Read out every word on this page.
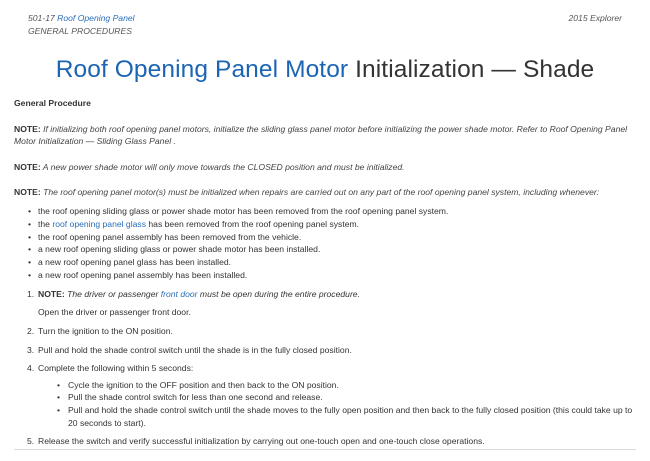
501-17 Roof Opening Panel
GENERAL PROCEDURES
2015 Explorer
Roof Opening Panel Motor Initialization — Shade
General Procedure

NOTE: If initializing both roof opening panel motors, initialize the sliding glass panel motor before initializing the power shade motor. Refer to Roof Opening Panel Motor Initialization — Sliding Glass Panel .

NOTE: A new power shade motor will only move towards the CLOSED position and must be initialized.

NOTE: The roof opening panel motor(s) must be initialized when repairs are carried out on any part of the roof opening panel system, including whenever:

• the roof opening sliding glass or power shade motor has been removed from the roof opening panel system.
• the roof opening panel glass has been removed from the roof opening panel system.
• the roof opening panel assembly has been removed from the vehicle.
• a new roof opening sliding glass or power shade motor has been installed.
• a new roof opening panel glass has been installed.
• a new roof opening panel assembly has been installed.
1. NOTE: The driver or passenger front door must be open during the entire procedure.
Open the driver or passenger front door.
2. Turn the ignition to the ON position.
3. Pull and hold the shade control switch until the shade is in the fully closed position.
4. Complete the following within 5 seconds:
• Cycle the ignition to the OFF position and then back to the ON position.
• Pull the shade control switch for less than one second and release.
• Pull and hold the shade control switch until the shade moves to the fully open position and then back to the fully closed position (this could take up to 20 seconds to start).
5. Release the switch and verify successful initialization by carrying out one-touch open and one-touch close operations.
